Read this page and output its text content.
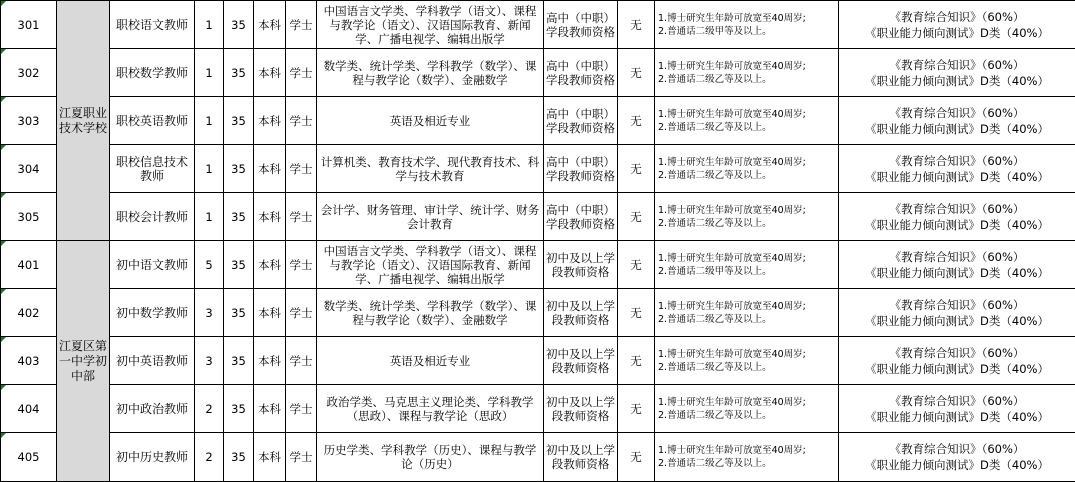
301	江夏职业技术学校	职校语文教师	1	35	本科	学士	中国语言文学类、学科教学（语文）、课程与教学论（语文）、汉语国际教育、新闻学、广播电视学、编辑出版学	高中（中职）学段教师资格	无	1.博士研究生年龄可放宽至40周岁;
2.普通话二级甲等及以上。	《教育综合知识》（60%）
《职业能力倾向测试》D类（40%）

302		职校数学教师	1	35	本科	学士	数学类、统计学类、学科教学（数学）、课程与教学论（数学）、金融数学	高中（中职）学段教师资格	无	1.博士研究生年龄可放宽至40周岁;
2.普通话二级乙等及以上。	《教育综合知识》（60%）
《职业能力倾向测试》D类（40%）

303		职校英语教师	1	35	本科	学士	英语及相近专业	高中（中职）学段教师资格	无	1.博士研究生年龄可放宽至40周岁;
2.普通话二级乙等及以上。	《教育综合知识》（60%）
《职业能力倾向测试》D类（40%）

304		职校信息技术教师	1	35	本科	学士	计算机类、教育技术学、现代教育技术、科学与技术教育	高中（中职）学段教师资格	无	1.博士研究生年龄可放宽至40周岁;
2.普通话二级乙等及以上。	《教育综合知识》（60%）
《职业能力倾向测试》D类（40%）

305		职校会计教师	1	35	本科	学士	会计学、财务管理、审计学、统计学、财务会计教育	高中（中职）学段教师资格	无	1.博士研究生年龄可放宽至40周岁;
2.普通话二级乙等及以上。	《教育综合知识》（60%）
《职业能力倾向测试》D类（40%）

401	江夏区第一中学初中部	初中语文教师	5	35	本科	学士	中国语言文学类、学科教学（语文）、课程与教学论（语文）、汉语国际教育、新闻学、广播电视学、编辑出版学	初中及以上学段教师资格	无	1.博士研究生年龄可放宽至40周岁;
2.普通话二级甲等及以上。	《教育综合知识》（60%）
《职业能力倾向测试》D类（40%）

402		初中数学教师	3	35	本科	学士	数学类、统计学类、学科教学（数学）、课程与教学论（数学）、金融数学	初中及以上学段教师资格	无	1.博士研究生年龄可放宽至40周岁;
2.普通话二级乙等及以上。	《教育综合知识》（60%）
《职业能力倾向测试》D类（40%）

403		初中英语教师	3	35	本科	学士	英语及相近专业	初中及以上学段教师资格	无	1.博士研究生年龄可放宽至40周岁;
2.普通话二级乙等及以上。	《教育综合知识》（60%）
《职业能力倾向测试》D类（40%）

404		初中政治教师	2	35	本科	学士	政治学类、马克思主义理论类、学科教学（思政）、课程与教学论（思政）	初中及以上学段教师资格	无	1.博士研究生年龄可放宽至40周岁;
2.普通话二级乙等及以上。	《教育综合知识》（60%）
《职业能力倾向测试》D类（40%）

405		初中历史教师	2	35	本科	学士	历史学类、学科教学（历史）、课程与教学论（历史）	初中及以上学段教师资格	无	1.博士研究生年龄可放宽至40周岁;
2.普通话二级乙等及以上。	《教育综合知识》（60%）
《职业能力倾向测试》D类（40%）
